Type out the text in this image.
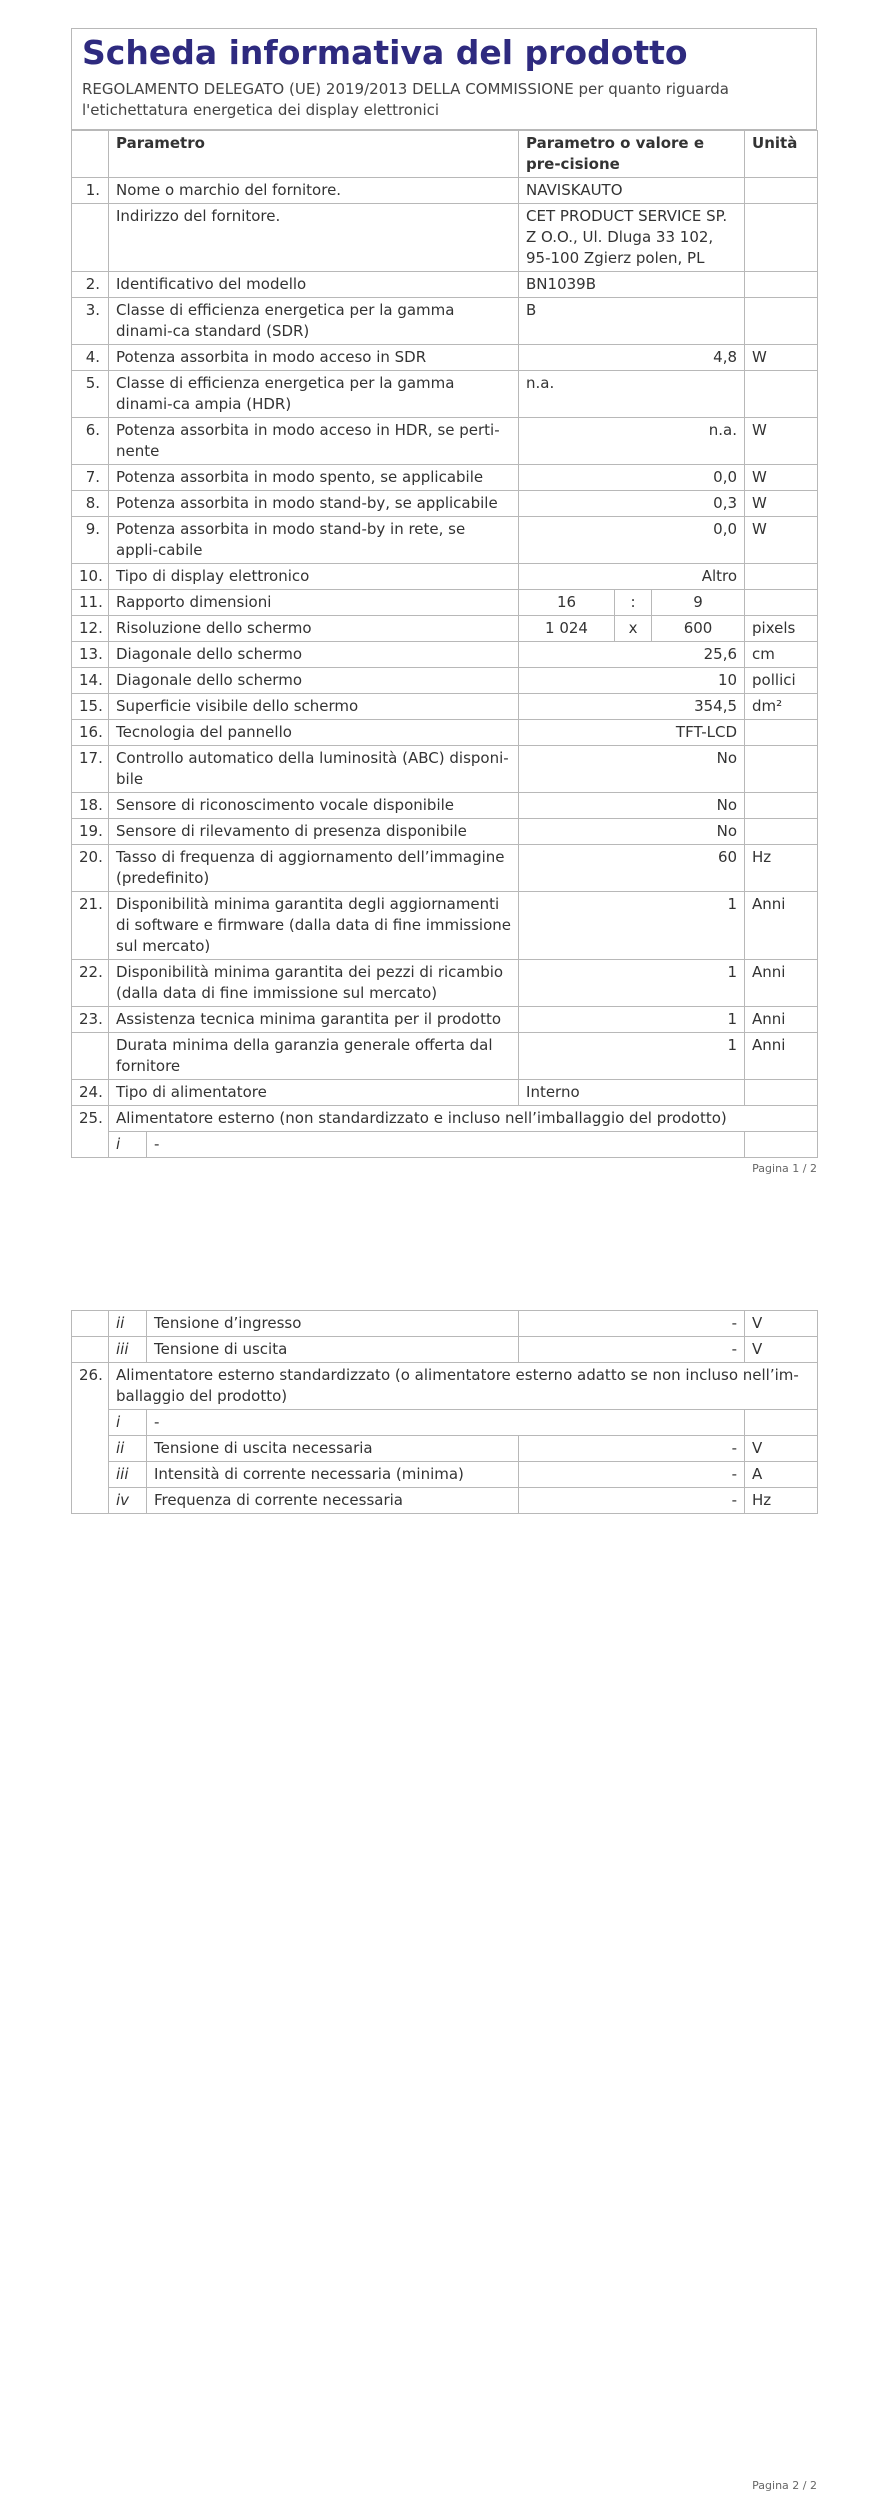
Scheda informativa del prodotto
REGOLAMENTO DELEGATO (UE) 2019/2013 DELLA COMMISSIONE per quanto riguarda l'etichettatura energetica dei display elettronici
	Parametro		Parametro o valore e pre-cisione			Unità
1.	Nome o marchio del fornitore.		NAVISKAUTO			
	Indirizzo del fornitore.		CET PRODUCT SERVICE SP. Z O.O., Ul. Dluga 33 102, 95-100 Zgierz polen, PL			
2.	Identificativo del modello		BN1039B			
3.	Classe di efficienza energetica per la gamma dinami-ca standard (SDR)		B			
4.	Potenza assorbita in modo acceso in SDR		4,8			W
5.	Classe di efficienza energetica per la gamma dinami-ca ampia (HDR)		n.a.			
6.	Potenza assorbita in modo acceso in HDR, se perti-nente		n.a.			W
7.	Potenza assorbita in modo spento, se applicabile		0,0			W
8.	Potenza assorbita in modo stand-by, se applicabile		0,3			W
9.	Potenza assorbita in modo stand-by in rete, se appli-cabile		0,0			W
10.	Tipo di display elettronico		Altro			
11.	Rapporto dimensioni		16	:	9	
12.	Risoluzione dello schermo		1 024	x	600	pixels
13.	Diagonale dello schermo		25,6			cm
14.	Diagonale dello schermo		10			pollici
15.	Superficie visibile dello schermo		354,5			dm²
16.	Tecnologia del pannello		TFT-LCD			
17.	Controllo automatico della luminosità (ABC) disponi-bile		No			
18.	Sensore di riconoscimento vocale disponibile		No			
19.	Sensore di rilevamento di presenza disponibile		No			
20.	Tasso di frequenza di aggiornamento dell’immagine (predefinito)		60			Hz
21.	Disponibilità minima garantita degli aggiornamenti di software e firmware (dalla data di fine immissione sul mercato)		1			Anni
22.	Disponibilità minima garantita dei pezzi di ricambio (dalla data di fine immissione sul mercato)		1			Anni
23.	Assistenza tecnica minima garantita per il prodotto		1			Anni
	Durata minima della garanzia generale offerta dal fornitore		1			Anni
24.	Tipo di alimentatore		Interno			
25.	Alimentatore esterno (non standardizzato e incluso nell’imballaggio del prodotto)					
	i	-				
Pagina 1 / 2
	ii	Tensione d’ingresso	-	V
	iii	Tensione di uscita	-	V
26.	Alimentatore esterno standardizzato (o alimentatore esterno adatto se non incluso nell’im-ballaggio del prodotto)			
	i	-		
	ii	Tensione di uscita necessaria	-	V
	iii	Intensità di corrente necessaria (minima)	-	A
	iv	Frequenza di corrente necessaria	-	Hz
Pagina 2 / 2
